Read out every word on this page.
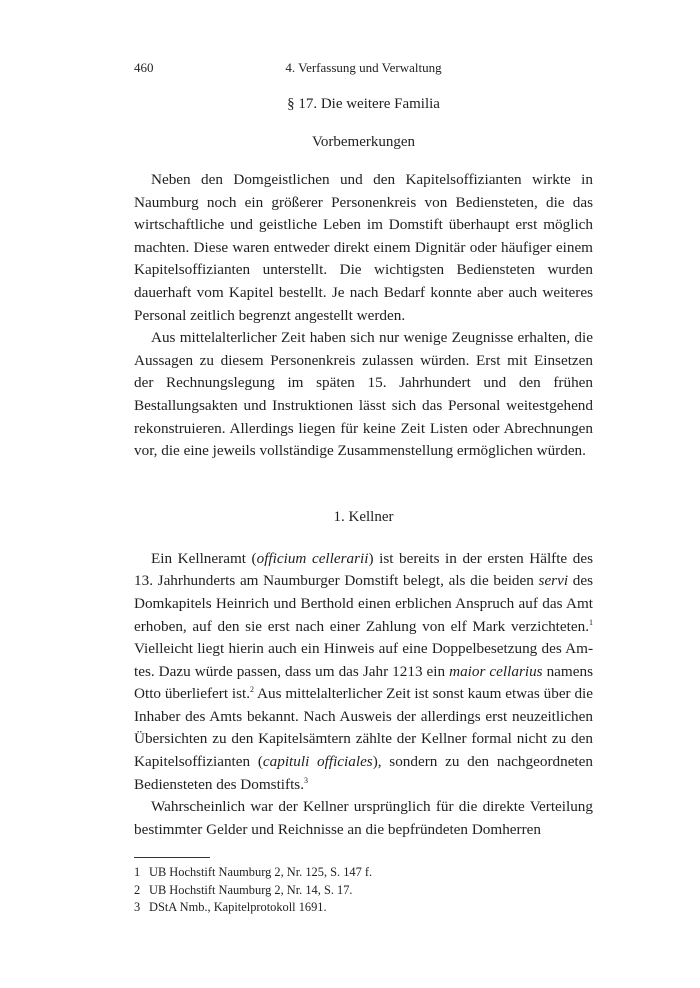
460	4. Verfassung und Verwaltung
§ 17. Die weitere Familia
Vorbemerkungen

Neben den Domgeistlichen und den Kapitelsoffizianten wirkte in Naumburg noch ein größerer Personenkreis von Bediensteten, die das wirtschaftliche und geistliche Leben im Domstift überhaupt erst möglich machten. Diese waren entweder direkt einem Dignitär oder häufiger einem Kapitelsoffizianten unterstellt. Die wichtigsten Bediensteten wurden dauerhaft vom Kapitel bestellt. Je nach Bedarf konnte aber auch weiteres Personal zeitlich begrenzt angestellt werden.

Aus mittelalterlicher Zeit haben sich nur wenige Zeugnisse erhalten, die Aussagen zu diesem Personenkreis zulassen würden. Erst mit Einsetzen der Rechnungslegung im späten 15. Jahrhundert und den frühen Bestallungsakten und Instruktionen lässt sich das Personal weitestgehend rekonstruieren. Allerdings liegen für keine Zeit Listen oder Abrechnungen vor, die eine jeweils vollständige Zusammenstellung ermöglichen würden.

1. Kellner

Ein Kellneramt (officium cellerarii) ist bereits in der ersten Hälfte des 13. Jahrhunderts am Naumburger Domstift belegt, als die beiden servi des Domkapitels Heinrich und Berthold einen erblichen Anspruch auf das Amt erhoben, auf den sie erst nach einer Zahlung von elf Mark verzichteten.$^1$ Vielleicht liegt hierin auch ein Hinweis auf eine Doppelbesetzung des Amtes. Dazu würde passen, dass um das Jahr 1213 ein maior cellarius namens Otto überliefert ist.$^2$ Aus mittelalterlicher Zeit ist sonst kaum etwas über die Inhaber des Amts bekannt. Nach Ausweis der allerdings erst neuzeitlichen Übersichten zu den Kapitelsämtern zählte der Kellner formal nicht zu den Kapitelsoffizianten (capituli officiales), sondern zu den nachgeordneten Bediensteten des Domstifts.$^3$

Wahrscheinlich war der Kellner ursprünglich für die direkte Verteilung bestimmter Gelder und Reichnisse an die bepfründeten Domherren

1 UB Hochstift Naumburg 2, Nr. 125, S. 147 f.
2 UB Hochstift Naumburg 2, Nr. 14, S. 17.
3 DStA Nmb., Kapitelprotokoll 1691.
